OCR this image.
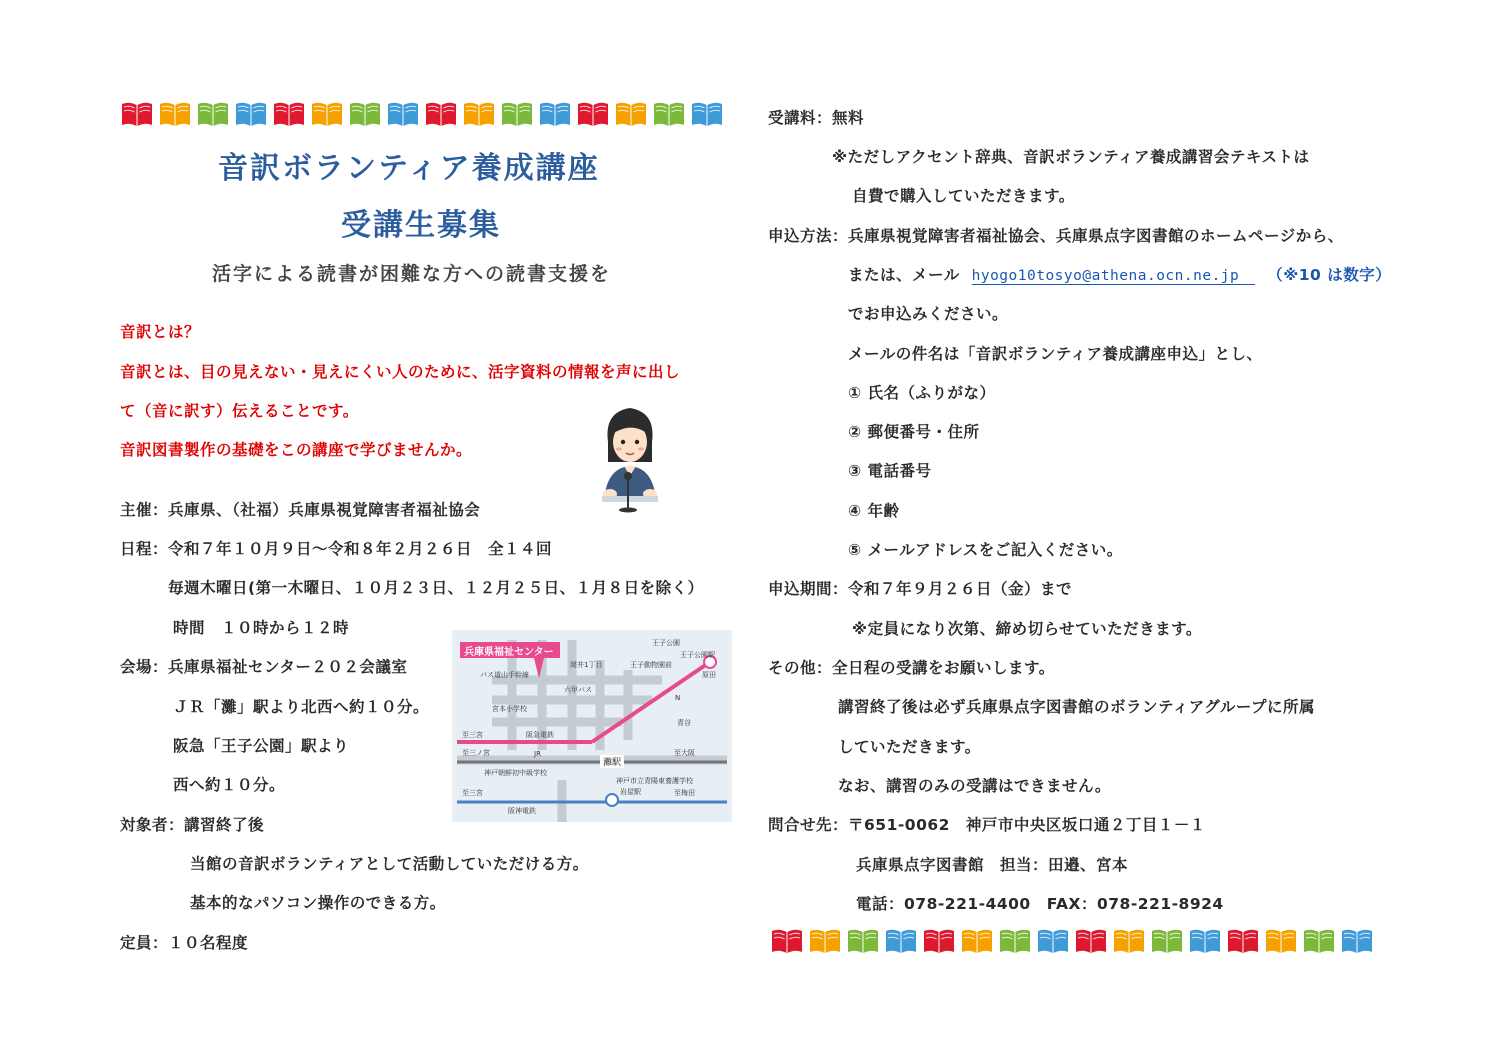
音訳ボランティア養成講座
受講生募集
活字による読書が困難な方への読書支援を
音訳とは？
音訳とは、目の見えない・見えにくい人のために、活字資料の情報を声に出し
て（音に訳す）伝えることです。
音訳図書製作の基礎をこの講座で学びませんか。
主催：兵庫県、（社福）兵庫県視覚障害者福祉協会
日程：令和７年１０月９日～令和８年２月２６日　全１４回
毎週木曜日(第一木曜日、１０月２３日、１２月２５日、１月８日を除く）
時間　１０時から１２時
会場：兵庫県福祉センター２０２会議室
ＪＲ「灘」駅より北西へ約１０分。
阪急「王子公園」駅より
西へ約１０分。
対象者：講習終了後
当館の音訳ボランティアとして活動していただける方。
基本的なパソコン操作のできる方。
定員：１０名程度
兵庫県福祉センター
王子公園
王子公園駅
原田
青谷
王子動物園前
岡井1丁目
バス道山手幹線
六甲バス
宮本小学校
至三宮	阪急電鉄
至三ノ宮	JR
灘駅
至大阪
神戸朝鮮初中級学校
神戸市立青陽東養護学校
岩屋駅
至三宮	至梅田
阪神電鉄
N
受講料：無料
※ただしアクセント辞典、音訳ボランティア養成講習会テキストは
自費で購入していただきます。
申込方法：兵庫県視覚障害者福祉協会、兵庫県点字図書館のホームページから、
または、メール hyogo10tosyo@athena.ocn.ne.jp （※10 は数字）
でお申込みください。
メールの件名は「音訳ボランティア養成講座申込」とし、
① 氏名（ふりがな）
② 郵便番号・住所
③ 電話番号
④ 年齢
⑤ メールアドレスをご記入ください。
申込期間：令和７年９月２６日（金）まで
※定員になり次第、締め切らせていただきます。
その他：全日程の受講をお願いします。
講習終了後は必ず兵庫県点字図書館のボランティアグループに所属
していただきます。
なお、講習のみの受講はできません。
問合せ先：〒651-0062　神戸市中央区坂口通２丁目１－１
兵庫県点字図書館　担当：田邉、宮本
電話：078-221-4400　FAX：078-221-8924
